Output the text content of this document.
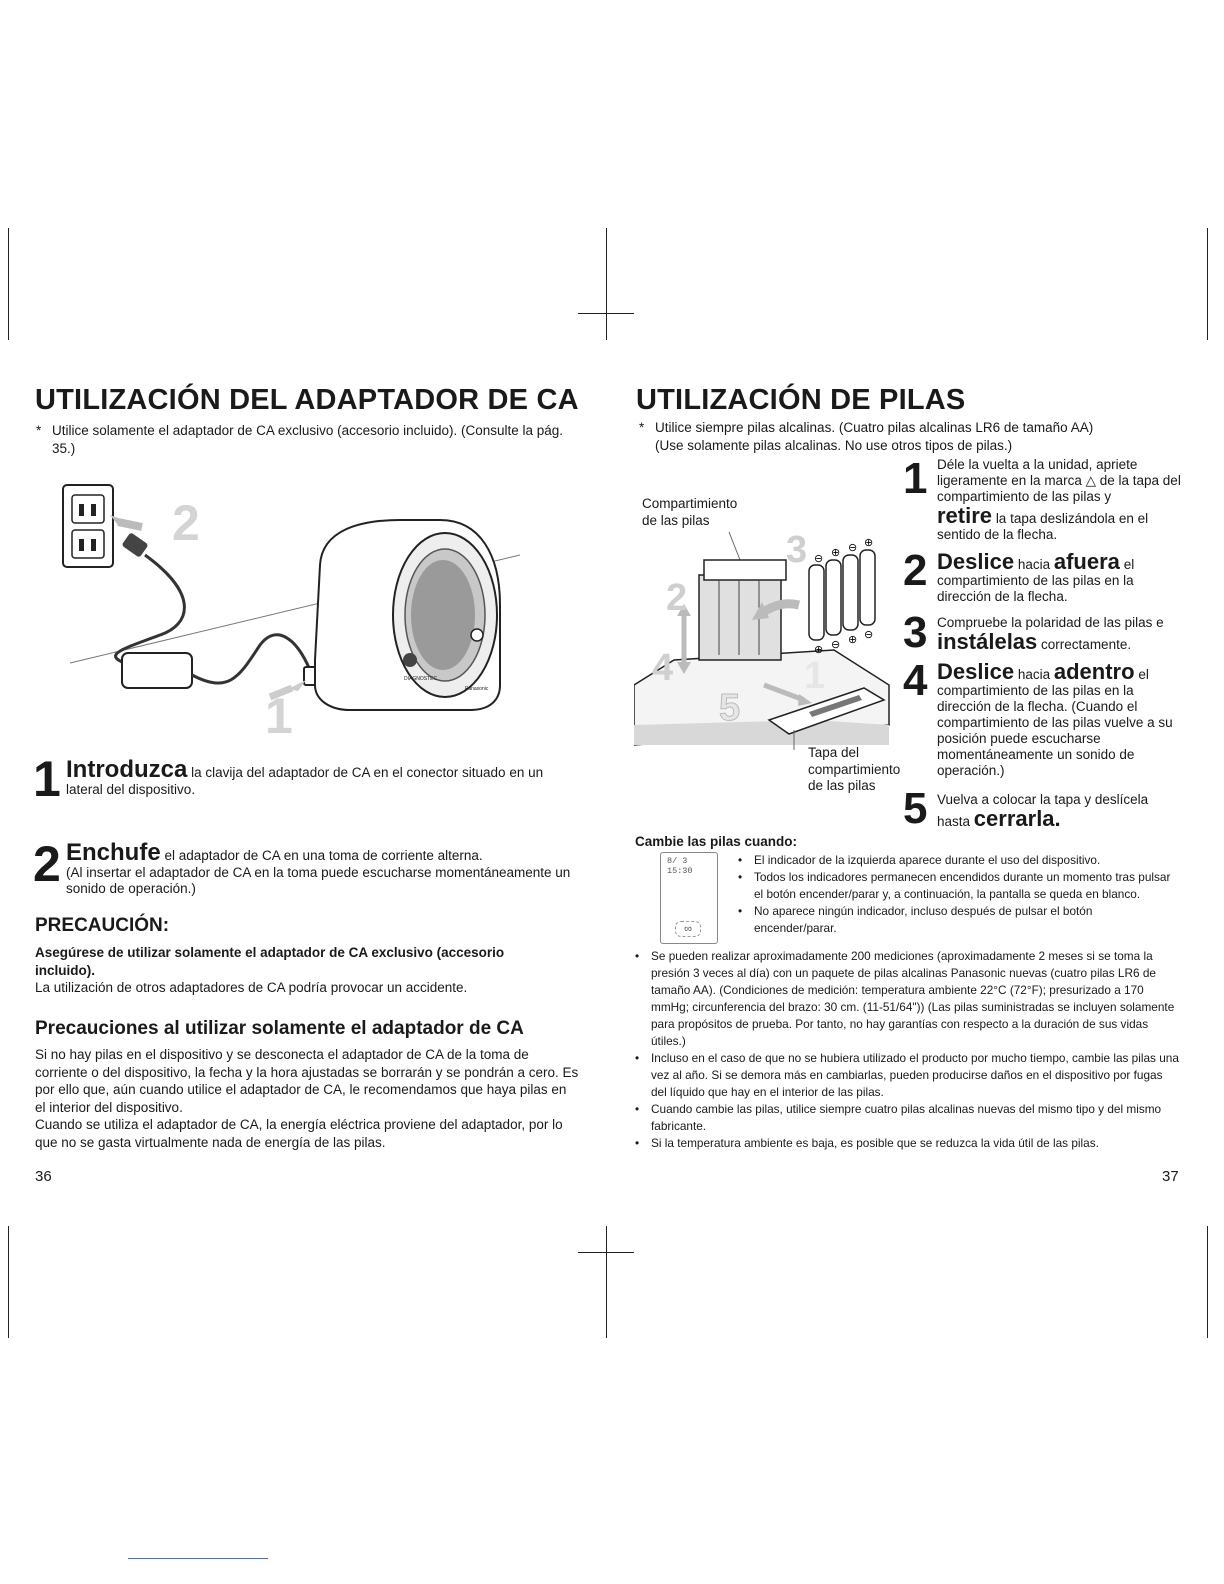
UTILIZACIÓN DEL ADAPTADOR DE CA
* Utilice solamente el adaptador de CA exclusivo (accesorio incluido). (Consulte la pág. 35.)
2
DIAGNOSTEC
Panasonic
1
1 Introduzca la clavija del adaptador de CA en el conector situado en un lateral del dispositivo.
2 Enchufe el adaptador de CA en una toma de corriente alterna.
(Al insertar el adaptador de CA en la toma puede escucharse momentáneamente un sonido de operación.)
PRECAUCIÓN:
Asegúrese de utilizar solamente el adaptador de CA exclusivo (accesorio incluido).
La utilización de otros adaptadores de CA podría provocar un accidente.
Precauciones al utilizar solamente el adaptador de CA
Si no hay pilas en el dispositivo y se desconecta el adaptador de CA de la toma de corriente o del dispositivo, la fecha y la hora ajustadas se borrarán y se pondrán a cero. Es por ello que, aún cuando utilice el adaptador de CA, le recomendamos que haya pilas en el interior del dispositivo.
Cuando se utiliza el adaptador de CA, la energía eléctrica proviene del adaptador, por lo que no se gasta virtualmente nada de energía de las pilas.
36
UTILIZACIÓN DE PILAS
* Utilice siempre pilas alcalinas. (Cuatro pilas alcalinas LR6 de tamaño AA)
(Use solamente pilas alcalinas. No use otros tipos de pilas.)
Compartimiento
de las pilas
⊖ ⊕ ⊖ ⊕
⊕ ⊖ ⊕ ⊖
2
3
4
5
1
Tapa del
compartimiento
de las pilas
1 Déle la vuelta a la unidad, apriete ligeramente en la marca △ de la tapa del compartimiento de las pilas y
retire la tapa deslizándola en el sentido de la flecha.
2 Deslice hacia afuera el
compartimiento de las pilas en la dirección de la flecha.
3 Compruebe la polaridad de las pilas e
instálelas correctamente.
4 Deslice hacia adentro el
compartimiento de las pilas en la dirección de la flecha. (Cuando el compartimiento de las pilas vuelve a su posición puede escucharse momentáneamente un sonido de operación.)
5 Vuelva a colocar la tapa y deslícela
hasta cerrarla.
Cambie las pilas cuando:
8/ 3 15:30
∞
• El indicador de la izquierda aparece durante el uso del dispositivo.
• Todos los indicadores permanecen encendidos durante un momento tras pulsar el botón encender/parar y, a continuación, la pantalla se queda en blanco.
• No aparece ningún indicador, incluso después de pulsar el botón encender/parar.
• Se pueden realizar aproximadamente 200 mediciones (aproximadamente 2 meses si se toma la presión 3 veces al día) con un paquete de pilas alcalinas Panasonic nuevas (cuatro pilas LR6 de tamaño AA). (Condiciones de medición: temperatura ambiente 22°C (72°F); presurizado a 170 mmHg; circunferencia del brazo: 30 cm. (11-51/64")) (Las pilas suministradas se incluyen solamente para propósitos de prueba. Por tanto, no hay garantías con respecto a la duración de sus vidas útiles.)
• Incluso en el caso de que no se hubiera utilizado el producto por mucho tiempo, cambie las pilas una vez al año. Si se demora más en cambiarlas, pueden producirse daños en el dispositivo por fugas del líquido que hay en el interior de las pilas.
• Cuando cambie las pilas, utilice siempre cuatro pilas alcalinas nuevas del mismo tipo y del mismo fabricante.
• Si la temperatura ambiente es baja, es posible que se reduzca la vida útil de las pilas.
37
